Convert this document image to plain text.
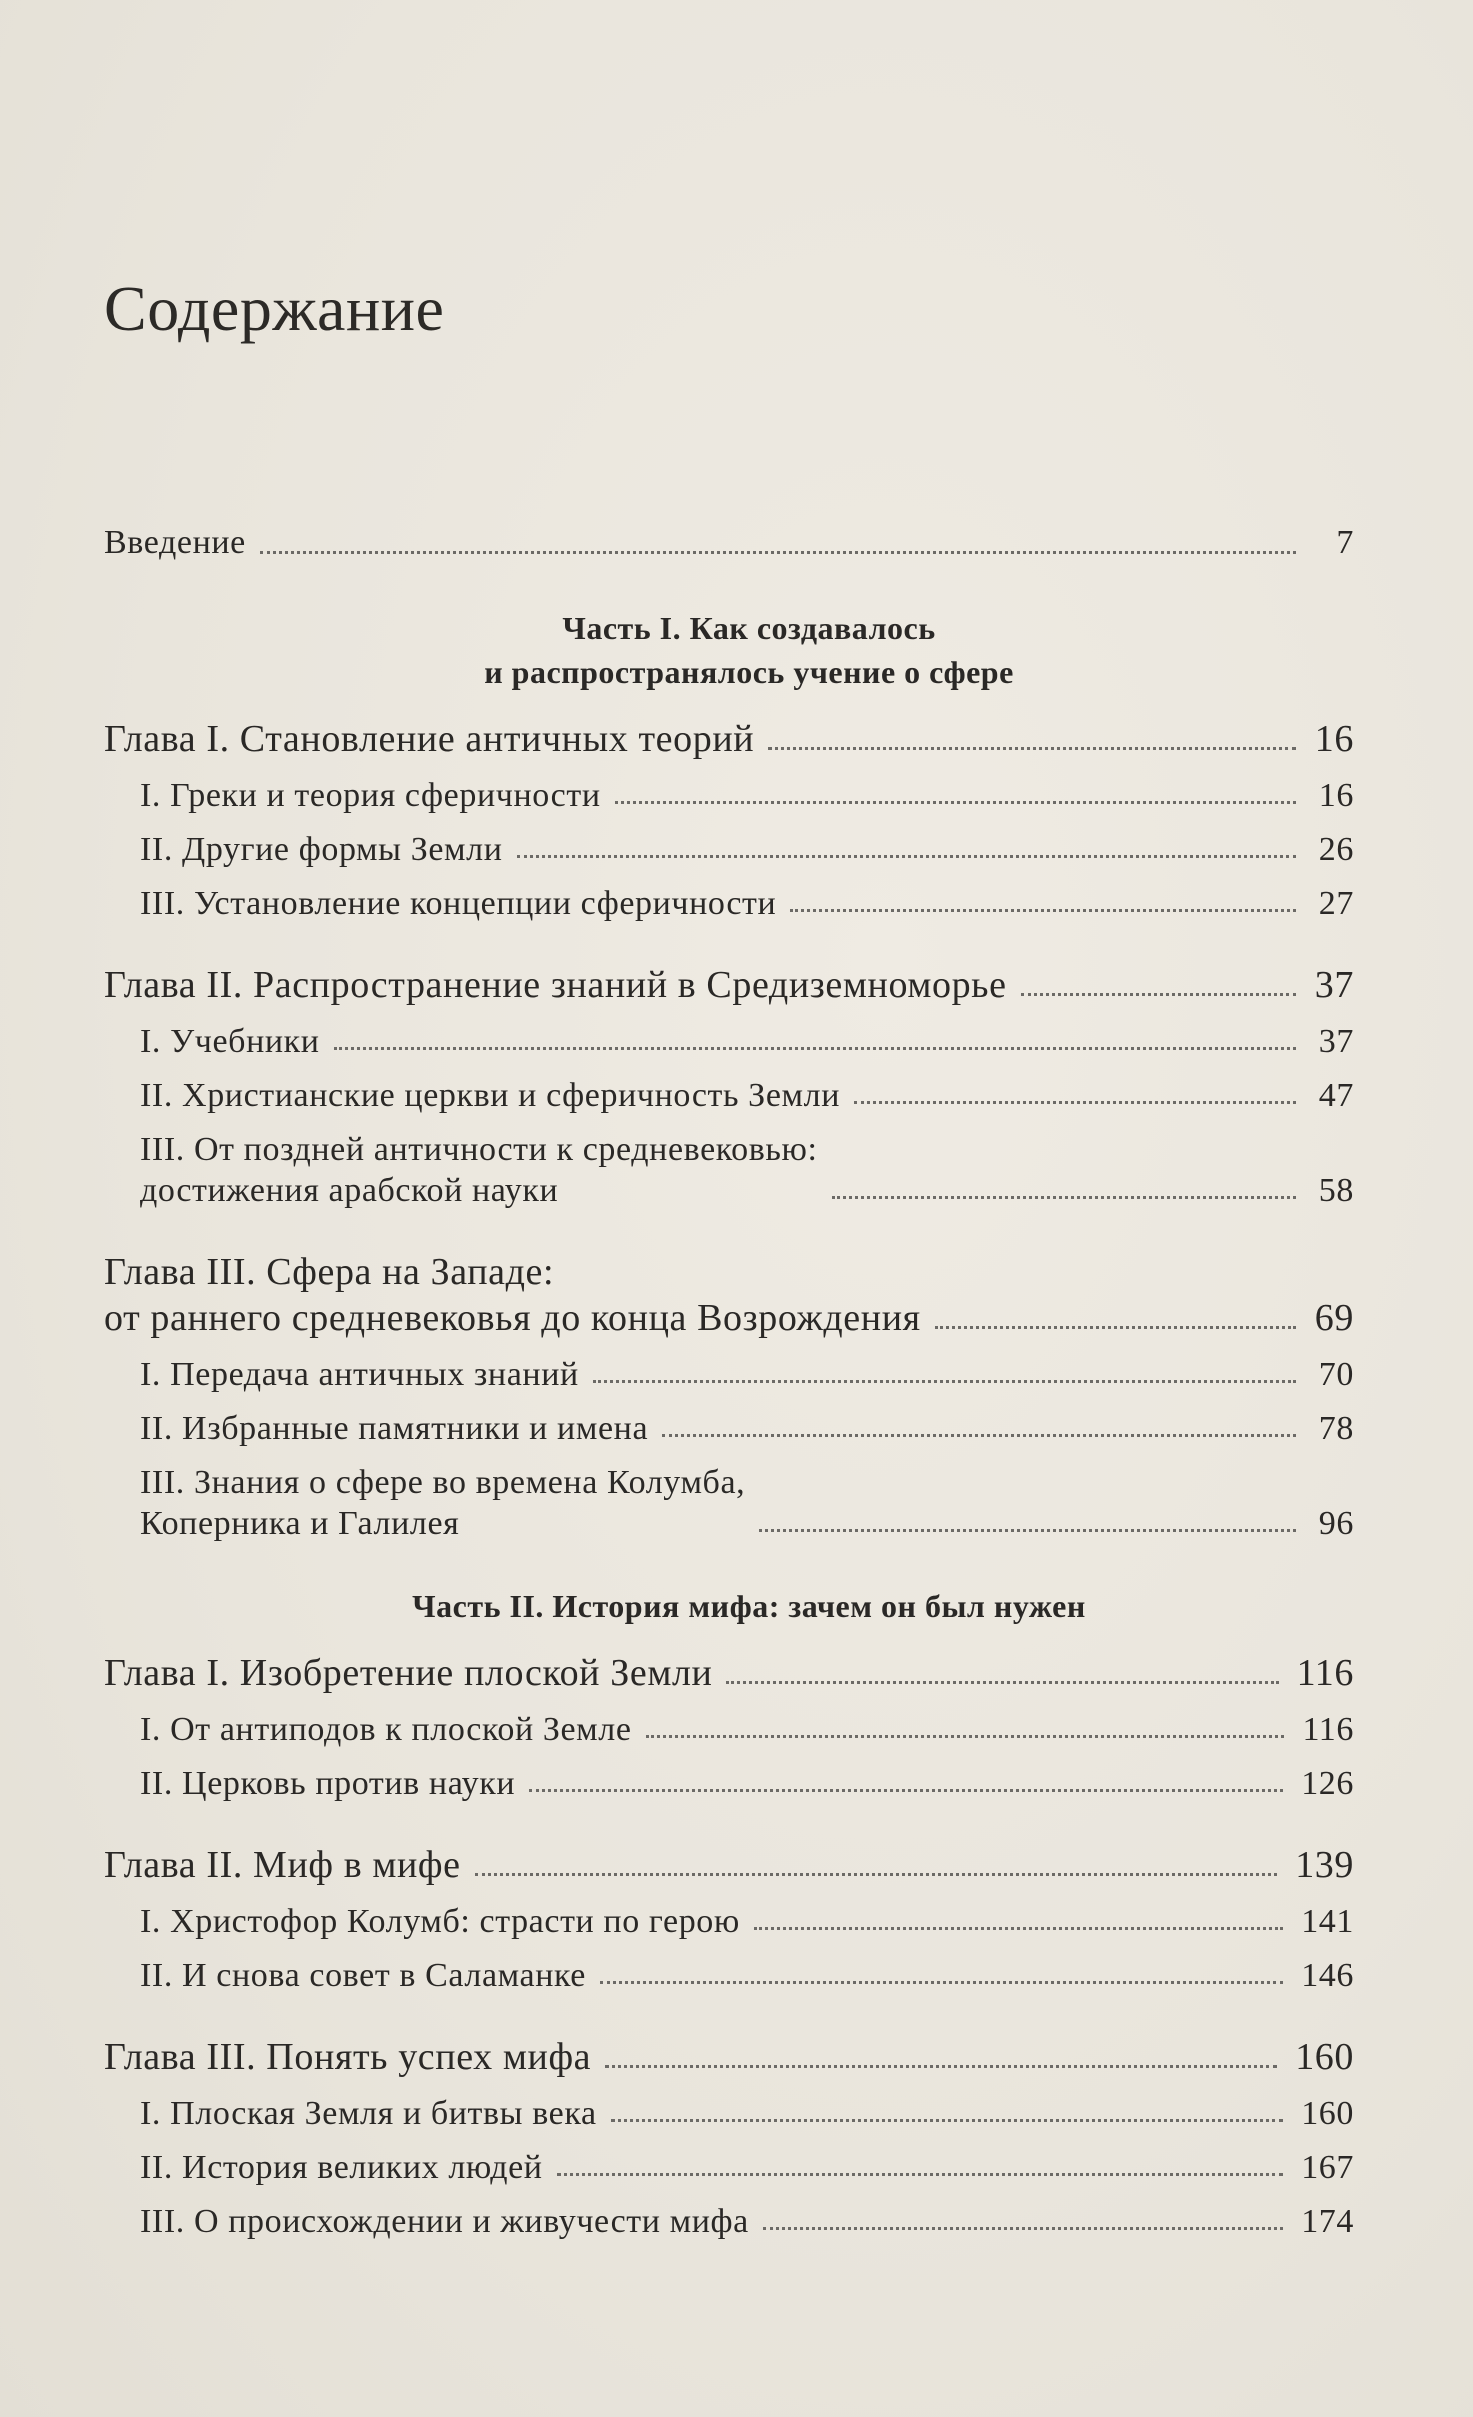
Содержание
Введение	7
Часть I. Как создавалось
и распространялось учение о сфере
Глава I. Становление античных теорий	16
I. Греки и теория сферичности	16
II. Другие формы Земли	26
III. Установление концепции сферичности	27
Глава II. Распространение знаний в Средиземноморье	37
I. Учебники	37
II. Христианские церкви и сферичность Земли	47
III. От поздней античности к средневековью:
достижения арабской науки	58
Глава III. Сфера на Западе:
от раннего средневековья до конца Возрождения	69
I. Передача античных знаний	70
II. Избранные памятники и имена	78
III. Знания о сфере во времена Колумба,
Коперника и Галилея	96
Часть II. История мифа: зачем он был нужен
Глава I. Изобретение плоской Земли	116
I. От антиподов к плоской Земле	116
II. Церковь против науки	126
Глава II. Миф в мифе	139
I. Христофор Колумб: страсти по герою	141
II. И снова совет в Саламанке	146
Глава III. Понять успех мифа	160
I. Плоская Земля и битвы века	160
II. История великих людей	167
III. О происхождении и живучести мифа	174
